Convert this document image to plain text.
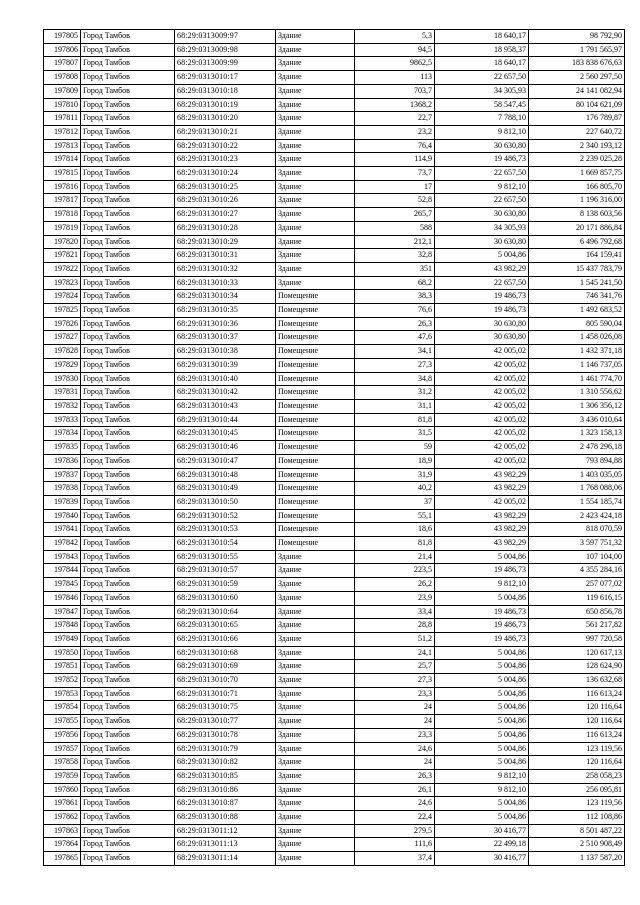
197805	Город Тамбов	68:29:0313009:97	Здание	5,3	18 640,17	98 792,90
197806	Город Тамбов	68:29:0313009:98	Здание	94,5	18 958,37	1 791 565,97
197807	Город Тамбов	68:29:0313009:99	Здание	9862,5	18 640,17	183 838 676,63
197808	Город Тамбов	68:29:0313010:17	Здание	113	22 657,50	2 560 297,50
197809	Город Тамбов	68:29:0313010:18	Здание	703,7	34 305,93	24 141 082,94
197810	Город Тамбов	68:29:0313010:19	Здание	1368,2	58 547,45	80 104 621,09
197811	Город Тамбов	68:29:0313010:20	Здание	22,7	7 788,10	176 789,87
197812	Город Тамбов	68:29:0313010:21	Здание	23,2	9 812,10	227 640,72
197813	Город Тамбов	68:29:0313010:22	Здание	76,4	30 630,80	2 340 193,12
197814	Город Тамбов	68:29:0313010:23	Здание	114,9	19 486,73	2 239 025,28
197815	Город Тамбов	68:29:0313010:24	Здание	73,7	22 657,50	1 669 857,75
197816	Город Тамбов	68:29:0313010:25	Здание	17	9 812,10	166 805,70
197817	Город Тамбов	68:29:0313010:26	Здание	52,8	22 657,50	1 196 316,00
197818	Город Тамбов	68:29:0313010:27	Здание	265,7	30 630,80	8 138 603,56
197819	Город Тамбов	68:29:0313010:28	Здание	588	34 305,93	20 171 886,84
197820	Город Тамбов	68:29:0313010:29	Здание	212,1	30 630,80	6 496 792,68
197821	Город Тамбов	68:29:0313010:31	Здание	32,8	5 004,86	164 159,41
197822	Город Тамбов	68:29:0313010:32	Здание	351	43 982,29	15 437 783,79
197823	Город Тамбов	68:29:0313010:33	Здание	68,2	22 657,50	1 545 241,50
197824	Город Тамбов	68:29:0313010:34	Помещение	38,3	19 486,73	746 341,76
197825	Город Тамбов	68:29:0313010:35	Помещение	76,6	19 486,73	1 492 683,52
197826	Город Тамбов	68:29:0313010:36	Помещение	26,3	30 630,80	805 590,04
197827	Город Тамбов	68:29:0313010:37	Помещение	47,6	30 630,80	1 458 026,08
197828	Город Тамбов	68:29:0313010:38	Помещение	34,1	42 005,02	1 432 371,18
197829	Город Тамбов	68:29:0313010:39	Помещение	27,3	42 005,02	1 146 737,05
197830	Город Тамбов	68:29:0313010:40	Помещение	34,8	42 005,02	1 461 774,70
197831	Город Тамбов	68:29:0313010:42	Помещение	31,2	42 005,02	1 310 556,62
197832	Город Тамбов	68:29:0313010:43	Помещение	31,1	42 005,02	1 306 356,12
197833	Город Тамбов	68:29:0313010:44	Помещение	81,8	42 005,02	3 436 010,64
197834	Город Тамбов	68:29:0313010:45	Помещение	31,5	42 005,02	1 323 158,13
197835	Город Тамбов	68:29:0313010:46	Помещение	59	42 005,02	2 478 296,18
197836	Город Тамбов	68:29:0313010:47	Помещение	18,9	42 005,02	793 894,88
197837	Город Тамбов	68:29:0313010:48	Помещение	31,9	43 982,29	1 403 035,05
197838	Город Тамбов	68:29:0313010:49	Помещение	40,2	43 982,29	1 768 088,06
197839	Город Тамбов	68:29:0313010:50	Помещение	37	42 005,02	1 554 185,74
197840	Город Тамбов	68:29:0313010:52	Помещение	55,1	43 982,29	2 423 424,18
197841	Город Тамбов	68:29:0313010:53	Помещение	18,6	43 982,29	818 070,59
197842	Город Тамбов	68:29:0313010:54	Помещение	81,8	43 982,29	3 597 751,32
197843	Город Тамбов	68:29:0313010:55	Здание	21,4	5 004,86	107 104,00
197844	Город Тамбов	68:29:0313010:57	Здание	223,5	19 486,73	4 355 284,16
197845	Город Тамбов	68:29:0313010:59	Здание	26,2	9 812,10	257 077,02
197846	Город Тамбов	68:29:0313010:60	Здание	23,9	5 004,86	119 616,15
197847	Город Тамбов	68:29:0313010:64	Здание	33,4	19 486,73	650 856,78
197848	Город Тамбов	68:29:0313010:65	Здание	28,8	19 486,73	561 217,82
197849	Город Тамбов	68:29:0313010:66	Здание	51,2	19 486,73	997 720,58
197850	Город Тамбов	68:29:0313010:68	Здание	24,1	5 004,86	120 617,13
197851	Город Тамбов	68:29:0313010:69	Здание	25,7	5 004,86	128 624,90
197852	Город Тамбов	68:29:0313010:70	Здание	27,3	5 004,86	136 632,68
197853	Город Тамбов	68:29:0313010:71	Здание	23,3	5 004,86	116 613,24
197854	Город Тамбов	68:29:0313010:75	Здание	24	5 004,86	120 116,64
197855	Город Тамбов	68:29:0313010:77	Здание	24	5 004,86	120 116,64
197856	Город Тамбов	68:29:0313010:78	Здание	23,3	5 004,86	116 613,24
197857	Город Тамбов	68:29:0313010:79	Здание	24,6	5 004,86	123 119,56
197858	Город Тамбов	68:29:0313010:82	Здание	24	5 004,86	120 116,64
197859	Город Тамбов	68:29:0313010:85	Здание	26,3	9 812,10	258 058,23
197860	Город Тамбов	68:29:0313010:86	Здание	26,1	9 812,10	256 095,81
197861	Город Тамбов	68:29:0313010:87	Здание	24,6	5 004,86	123 119,56
197862	Город Тамбов	68:29:0313010:88	Здание	22,4	5 004,86	112 108,86
197863	Город Тамбов	68:29:0313011:12	Здание	279,5	30 416,77	8 501 487,22
197864	Город Тамбов	68:29:0313011:13	Здание	111,6	22 499,18	2 510 908,49
197865	Город Тамбов	68:29:0313011:14	Здание	37,4	30 416,77	1 137 587,20
